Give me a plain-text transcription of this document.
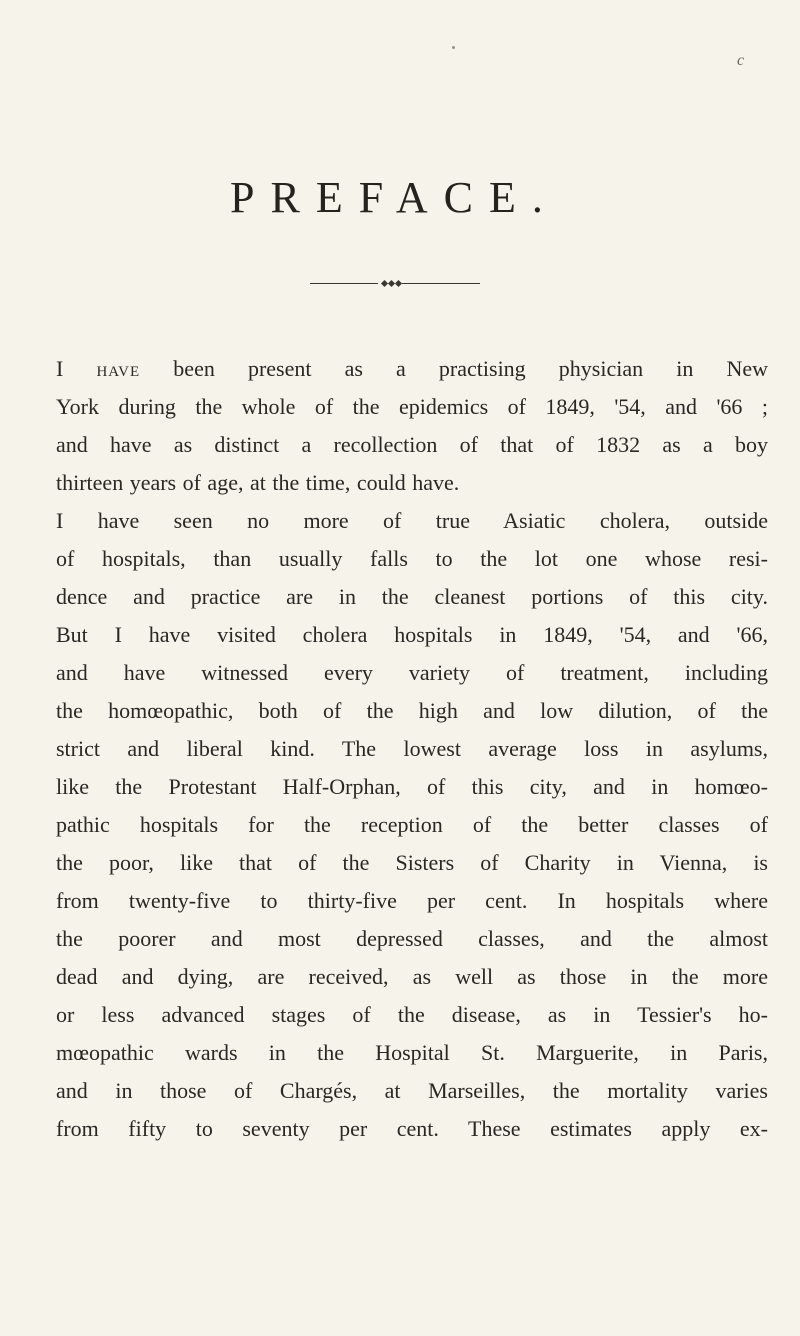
c
PREFACE.
I have been present as a practising physician in New
York during the whole of the epidemics of 1849, '54, and '66 ;
and have as distinct a recollection of that of 1832 as a boy
thirteen years of age, at the time, could have.
I have seen no more of true Asiatic cholera, outside
of hospitals, than usually falls to the lot one whose resi-
dence and practice are in the cleanest portions of this city.
But I have visited cholera hospitals in 1849, '54, and '66,
and have witnessed every variety of treatment, including
the homœopathic, both of the high and low dilution, of the
strict and liberal kind. The lowest average loss in asylums,
like the Protestant Half-Orphan, of this city, and in homœo-
pathic hospitals for the reception of the better classes of
the poor, like that of the Sisters of Charity in Vienna, is
from twenty-five to thirty-five per cent. In hospitals where
the poorer and most depressed classes, and the almost
dead and dying, are received, as well as those in the more
or less advanced stages of the disease, as in Tessier's ho-
mœopathic wards in the Hospital St. Marguerite, in Paris,
and in those of Chargés, at Marseilles, the mortality varies
from fifty to seventy per cent. These estimates apply ex-
